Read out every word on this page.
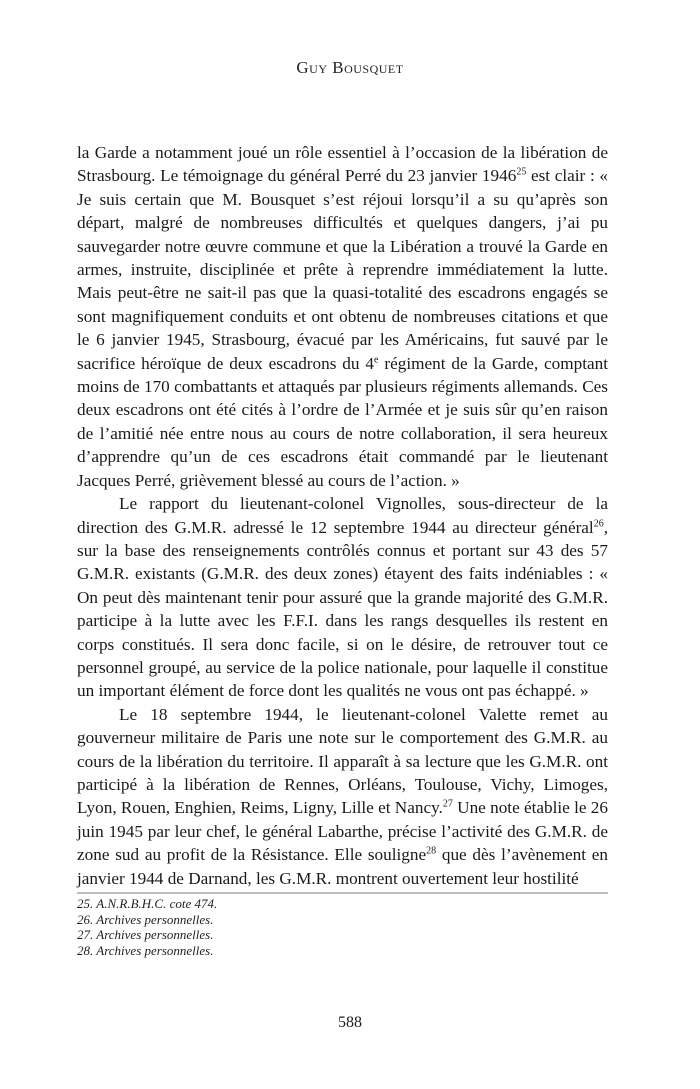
Guy Bousquet

la Garde a notamment joué un rôle essentiel à l’occasion de la libération de Strasbourg. Le témoignage du général Perré du 23 janvier 1946$^{25}$ est clair : « Je suis certain que M. Bousquet s’est réjoui lorsqu’il a su qu’après son départ, malgré de nombreuses difficultés et quelques dangers, j’ai pu sauvegarder notre œuvre commune et que la Libération a trouvé la Garde en armes, instruite, disciplinée et prête à reprendre immédiatement la lutte. Mais peut-être ne sait-il pas que la quasi-totalité des escadrons engagés se sont magnifiquement conduits et ont obtenu de nombreuses citations et que le 6 janvier 1945, Strasbourg, évacué par les Américains, fut sauvé par le sacrifice héroïque de deux escadrons du 4e régiment de la Garde, comptant moins de 170 combattants et attaqués par plusieurs régiments allemands. Ces deux escadrons ont été cités à l’ordre de l’Armée et je suis sûr qu’en raison de l’amitié née entre nous au cours de notre collaboration, il sera heureux d’apprendre qu’un de ces escadrons était commandé par le lieutenant Jacques Perré, grièvement blessé au cours de l’action. »

Le rapport du lieutenant-colonel Vignolles, sous-directeur de la direction des G.M.R. adressé le 12 septembre 1944 au directeur général$^{26}$, sur la base des renseignements contrôlés connus et portant sur 43 des 57 G.M.R. existants (G.M.R. des deux zones) étayent des faits indéniables : « On peut dès maintenant tenir pour assuré que la grande majorité des G.M.R. participe à la lutte avec les F.F.I. dans les rangs desquelles ils restent en corps constitués. Il sera donc facile, si on le désire, de retrouver tout ce personnel groupé, au service de la police nationale, pour laquelle il constitue un important élément de force dont les qualités ne vous ont pas échappé. »

Le 18 septembre 1944, le lieutenant-colonel Valette remet au gouverneur militaire de Paris une note sur le comportement des G.M.R. au cours de la libération du territoire. Il apparaît à sa lecture que les G.M.R. ont participé à la libération de Rennes, Orléans, Toulouse, Vichy, Limoges, Lyon, Rouen, Enghien, Reims, Ligny, Lille et Nancy.$^{27}$ Une note établie le 26 juin 1945 par leur chef, le général Labarthe, précise l’activité des G.M.R. de zone sud au profit de la Résistance. Elle souligne$^{28}$ que dès l’avènement en janvier 1944 de Darnand, les G.M.R. montrent ouvertement leur hostilité

25. A.N.R.B.H.C. cote 474.
26. Archives personnelles.
27. Archives personnelles.
28. Archives personnelles.
588
